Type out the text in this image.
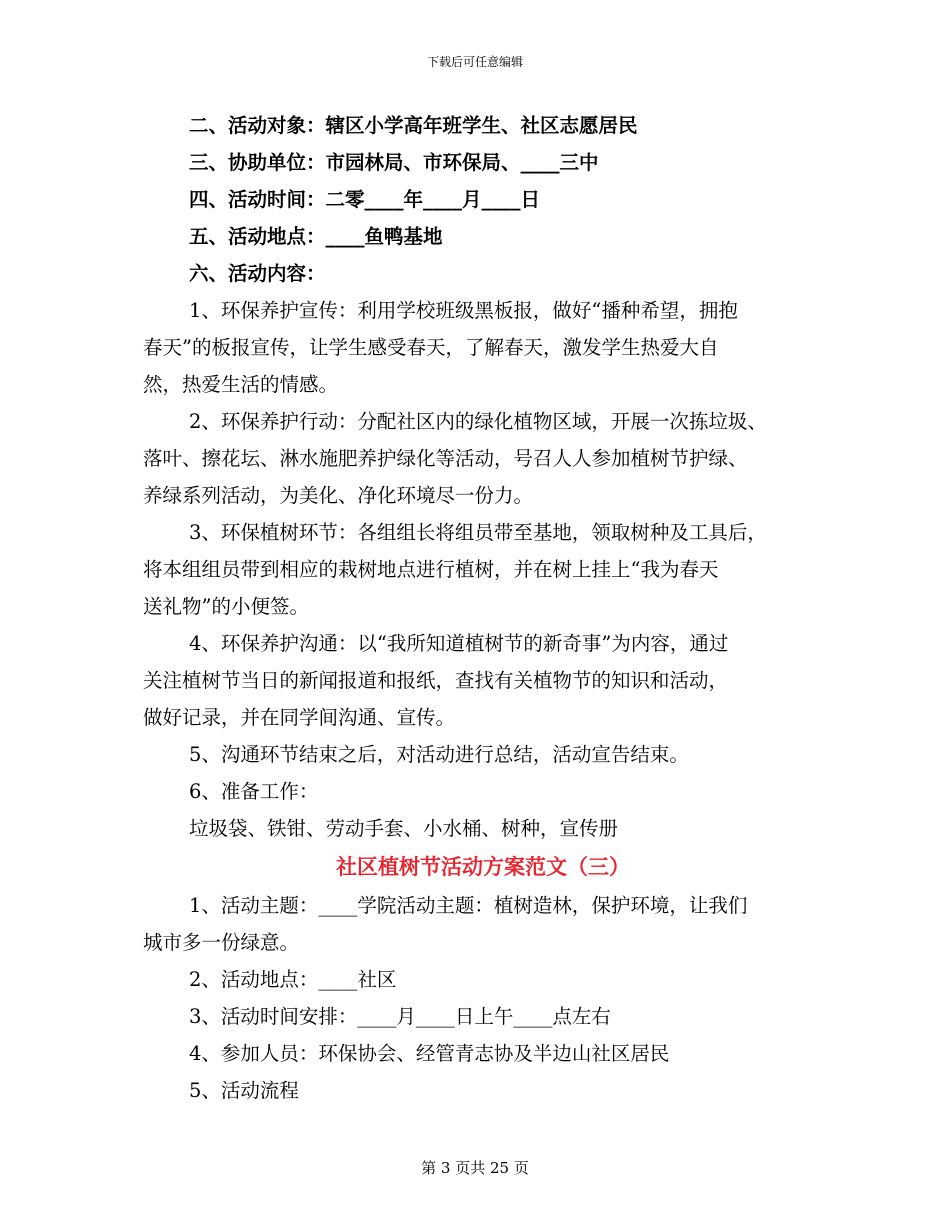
下载后可任意编辑
二、活动对象：辖区小学高年班学生、社区志愿居民
三、协助单位：市园林局、市环保局、____三中
四、活动时间：二零____年____月____日
五、活动地点：____鱼鸭基地
六、活动内容：
1、环保养护宣传：利用学校班级黑板报，做好“播种希望，拥抱
春天”的板报宣传，让学生感受春天，了解春天，激发学生热爱大自
然，热爱生活的情感。
2、环保养护行动：分配社区内的绿化植物区域，开展一次拣垃圾、
落叶、擦花坛、淋水施肥养护绿化等活动，号召人人参加植树节护绿、
养绿系列活动，为美化、净化环境尽一份力。
3、环保植树环节：各组组长将组员带至基地，领取树种及工具后，
将本组组员带到相应的栽树地点进行植树，并在树上挂上“我为春天
送礼物”的小便签。
4、环保养护沟通：以“我所知道植树节的新奇事”为内容，通过
关注植树节当日的新闻报道和报纸，查找有关植物节的知识和活动，
做好记录，并在同学间沟通、宣传。
5、沟通环节结束之后，对活动进行总结，活动宣告结束。
6、准备工作：
垃圾袋、铁钳、劳动手套、小水桶、树种，宣传册
社区植树节活动方案范文（三）
1、活动主题：____学院活动主题：植树造林，保护环境，让我们
城市多一份绿意。
2、活动地点：____社区
3、活动时间安排：____月____日上午____点左右
4、参加人员：环保协会、经管青志协及半边山社区居民
5、活动流程
第 3 页共 25 页
